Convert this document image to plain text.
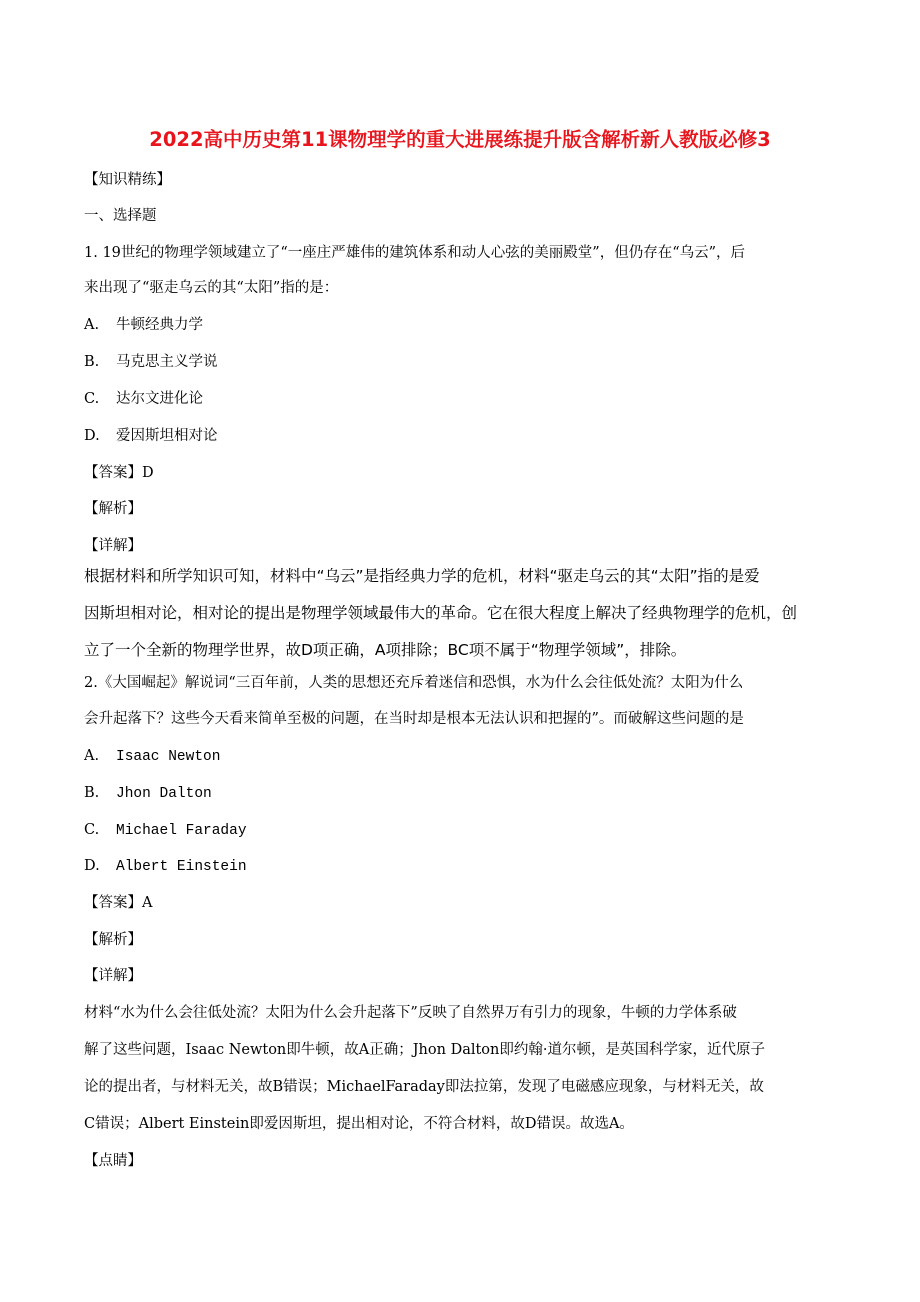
2022高中历史第11课物理学的重大进展练提升版含解析新人教版必修3
【知识精练】
一、选择题
1. 19世纪的物理学领域建立了“一座庄严雄伟的建筑体系和动人心弦的美丽殿堂”，但仍存在“乌云”，后
来出现了“驱走乌云的其“太阳”指的是：
A. 牛顿经典力学
B. 马克思主义学说
C. 达尔文进化论
D. 爱因斯坦相对论
【答案】D
【解析】
【详解】
根据材料和所学知识可知，材料中“乌云”是指经典力学的危机，材料“驱走乌云的其“太阳”指的是爱
因斯坦相对论，相对论的提出是物理学领域最伟大的革命。它在很大程度上解决了经典物理学的危机，创
立了一个全新的物理学世界，故D项正确，A项排除；BC项不属于“物理学领域”，排除。
2.《大国崛起》解说词“三百年前，人类的思想还充斥着迷信和恐惧，水为什么会往低处流？太阳为什么
会升起落下？这些今天看来简单至极的问题，在当时却是根本无法认识和把握的”。而破解这些问题的是
A. Isaac Newton
B. Jhon Dalton
C. Michael Faraday
D. Albert Einstein
【答案】A
【解析】
【详解】
材料“水为什么会往低处流？太阳为什么会升起落下”反映了自然界万有引力的现象，牛顿的力学体系破
解了这些问题，Isaac Newton即牛顿，故A正确；Jhon Dalton即约翰·道尔顿，是英国科学家，近代原子
论的提出者，与材料无关，故B错误；MichaelFaraday即法拉第，发现了电磁感应现象，与材料无关，故
C错误；Albert Einstein即爱因斯坦，提出相对论，不符合材料，故D错误。故选A。
【点睛】
